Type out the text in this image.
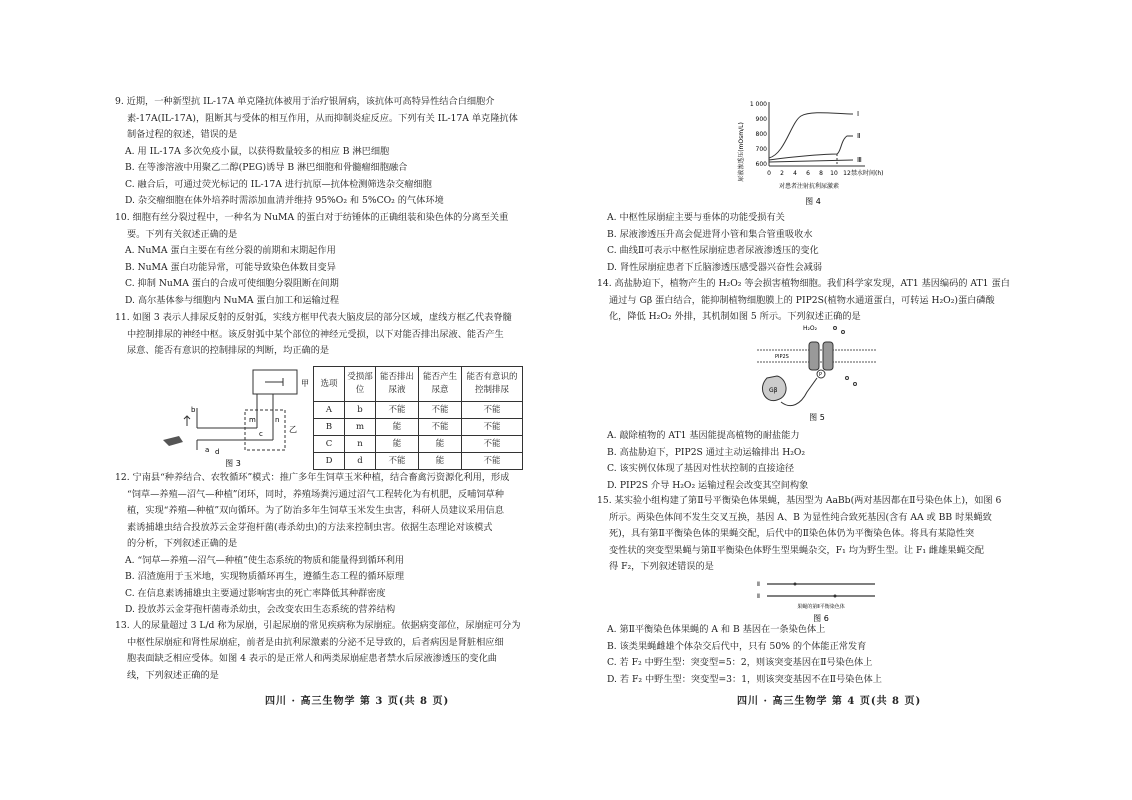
9. 近期，一种新型抗 IL-17A 单克隆抗体被用于治疗银屑病，该抗体可高特异性结合白细胞介

素-17A(IL-17A)，阻断其与受体的相互作用，从而抑制炎症反应。下列有关 IL-17A 单克隆抗体

制备过程的叙述，错误的是

A. 用 IL-17A 多次免疫小鼠，以获得数量较多的相应 B 淋巴细胞

B. 在等渗溶液中用聚乙二醇(PEG)诱导 B 淋巴细胞和骨髓瘤细胞融合

C. 融合后，可通过荧光标记的 IL-17A 进行抗原—抗体检测筛选杂交瘤细胞

D. 杂交瘤细胞在体外培养时需添加血清并维持 95%O₂ 和 5%CO₂ 的气体环境

10. 细胞有丝分裂过程中，一种名为 NuMA 的蛋白对于纺锤体的正确组装和染色体的分离至关重

要。下列有关叙述正确的是

A. NuMA 蛋白主要在有丝分裂的前期和末期起作用

B. NuMA 蛋白功能异常，可能导致染色体数目变异

C. 抑制 NuMA 蛋白的合成可使细胞分裂阻断在间期

D. 高尔基体参与细胞内 NuMA 蛋白加工和运输过程

11. 如图 3 表示人排尿反射的反射弧，实线方框甲代表大脑皮层的部分区域，虚线方框乙代表脊髓

中控制排尿的神经中枢。该反射弧中某个部位的神经元受损，以下对能否排出尿液、能否产生

尿意、能否有意识的控制排尿的判断，均正确的是

甲
乙
b
d
c
m	n
a
图 3
选项	受损部位	能否排出尿液	能否产生尿意	能否有意识的控制排尿
A	b	不能	不能	不能
B	m	能	不能	不能
C	n	能	能	不能
D	d	不能	能	不能

12. 宁南县“种养结合、农牧循环”模式：推广多年生饲草玉米种植，结合畜禽污资源化利用，形成

“饲草—养殖—沼气—种植”闭环，同时，养殖场粪污通过沼气工程转化为有机肥，反哺饲草种

植，实现“养殖—种植”双向循环。为了防治多年生饲草玉米发生虫害，科研人员建议采用信息

素诱捕雄虫结合投放苏云金芽孢杆菌(毒杀幼虫)的方法来控制虫害。依据生态理论对该模式

的分析，下列叙述正确的是

A. “饲草—养殖—沼气—种植”使生态系统的物质和能量得到循环利用

B. 沼渣施用于玉米地，实现物质循环再生，遵循生态工程的循环原理

C. 在信息素诱捕雄虫主要通过影响害虫的死亡率降低其种群密度

D. 投放苏云金芽孢杆菌毒杀幼虫，会改变农田生态系统的营养结构

13. 人的尿量超过 3 L/d 称为尿崩，引起尿崩的常见疾病称为尿崩症。依据病变部位，尿崩症可分为

中枢性尿崩症和肾性尿崩症，前者是由抗利尿激素的分泌不足导致的，后者病因是肾脏相应细

胞表面缺乏相应受体。如图 4 表示的是正常人和两类尿崩症患者禁水后尿液渗透压的变化曲

线，下列叙述正确的是

四川 · 高三生物学 第 3 页(共 8 页)
尿液渗透压(mOsm/L)
1 000
900
800
700
600
0 2 4 6 8 10 12 禁水时间(h)
Ⅰ
Ⅱ
Ⅲ
对患者注射抗利尿激素
图 4

A. 中枢性尿崩症主要与垂体的功能受损有关

B. 尿液渗透压升高会促进肾小管和集合管重吸收水

C. 曲线Ⅱ可表示中枢性尿崩症患者尿液渗透压的变化

D. 肾性尿崩症患者下丘脑渗透压感受器兴奋性会减弱

14. 高盐胁迫下，植物产生的 H₂O₂ 等会损害植物细胞。我们科学家发现，AT1 基因编码的 AT1 蛋白

通过与 Gβ 蛋白结合，能抑制植物细胞膜上的 PIP2S(植物水通道蛋白，可转运 H₂O₂)蛋白磷酸

化，降低 H₂O₂ 外排，其机制如图 5 所示。下列叙述正确的是

H₂O₂
PIP2S
P
Gβ
图 5

A. 敲除植物的 AT1 基因能提高植物的耐盐能力

B. 高盐胁迫下，PIP2S 通过主动运输排出 H₂O₂

C. 该实例仅体现了基因对性状控制的直接途径

D. PIP2S 介导 H₂O₂ 运输过程会改变其空间构象

15. 某实验小组构建了第Ⅱ号平衡染色体果蝇，基因型为 AaBb(两对基因都在Ⅱ号染色体上)，如图 6

所示。两染色体间不发生交叉互换，基因 A、B 为显性纯合致死基因(含有 AA 或 BB 时果蝇致

死)，具有第Ⅱ平衡染色体的果蝇交配，后代中的Ⅱ染色体仍为平衡染色体。将具有某隐性突

变性状的突变型果蝇与第Ⅱ平衡染色体野生型果蝇杂交，F₁ 均为野生型。让 F₁ 雌雄果蝇交配

得 F₂，下列叙述错误的是

Ⅱ
Ⅱ
果蝇的第Ⅱ平衡染色体
图 6

A. 第Ⅱ平衡染色体果蝇的 A 和 B 基因在一条染色体上

B. 该类果蝇雌雄个体杂交后代中，只有 50% 的个体能正常发育

C. 若 F₂ 中野生型：突变型=5：2，则该突变基因在Ⅱ号染色体上

D. 若 F₂ 中野生型：突变型=3：1，则该突变基因不在Ⅱ号染色体上

四川 · 高三生物学 第 4 页(共 8 页)
